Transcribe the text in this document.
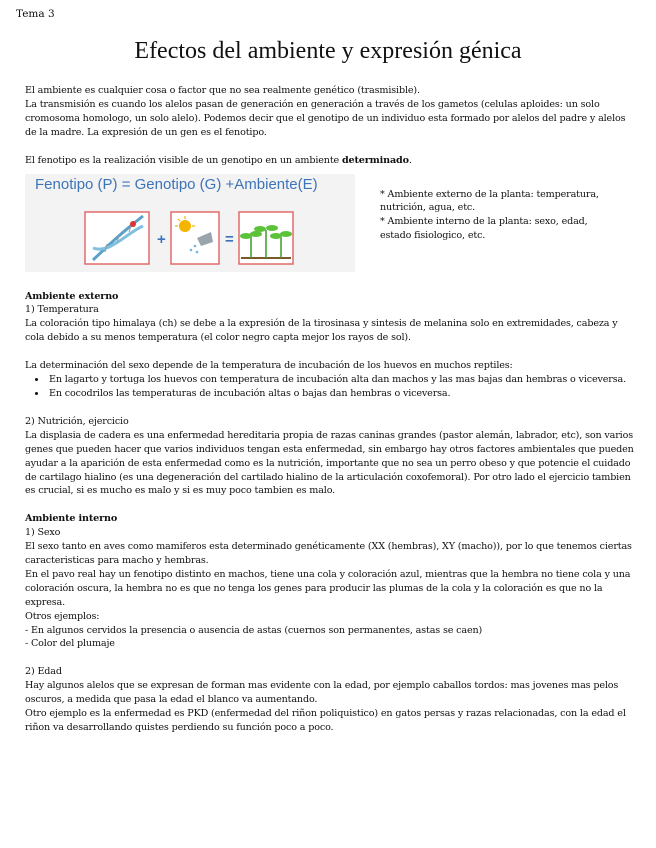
Tema 3
Efectos del ambiente y expresión génica

El ambiente es cualquier cosa o factor que no sea realmente genético (trasmisible).

La transmisión es cuando los alelos pasan de generación en generación a través de los gametos (celulas aploides: un solo cromosoma homologo, un solo alelo). Podemos decir que el genotipo de un individuo esta formado por alelos del padre y alelos de la madre. La expresión de un gen es el fenotipo.

El fenotipo es la realización visible de un genotipo en un ambiente determinado.

+	=
Fenotipo (P) = Genotipo (G) +Ambiente(E)

* Ambiente externo de la planta: temperatura, nutrición, agua, etc.

* Ambiente interno de la planta: sexo, edad, estado fisiologico, etc.

Ambiente externo

1) Temperatura

La coloración tipo himalaya (ch) se debe a la expresión de la tirosinasa y sintesis de melanina solo en extremidades, cabeza y cola debido a su menos temperatura (el color negro capta mejor los rayos de sol).

La determinación del sexo depende de la temperatura de incubación de los huevos en muchos reptiles:

• En lagarto y tortuga los huevos con temperatura de incubación alta dan machos y las mas bajas dan hembras o viceversa.
• En cocodrilos las temperaturas de incubación altas o bajas dan hembras o viceversa.

2) Nutrición, ejercicio

La displasia de cadera es una enfermedad hereditaria propia de razas caninas grandes (pastor alemán, labrador, etc), son varios genes que pueden hacer que varios individuos tengan esta enfermedad, sin embargo hay otros factores ambientales que pueden ayudar a la aparición de esta enfermedad como es la nutrición, importante que no sea un perro obeso y que potencie el cuidado de cartilago hialino (es una degeneración del cartilado hialino de la articulación coxofemoral). Por otro lado el ejercicio tambien es crucial, si es mucho es malo y si es muy poco tambien es malo.

Ambiente interno

1) Sexo

El sexo tanto en aves como mamiferos esta determinado genéticamente (XX (hembras), XY (macho)), por lo que tenemos ciertas caracteristicas para macho y hembras.

En el pavo real hay un fenotipo distinto en machos, tiene una cola y coloración azul, mientras que la hembra no tiene cola y una coloración oscura, la hembra no es que no tenga los genes para producir las plumas de la cola y la coloración es que no la expresa.

Otros ejemplos:

- En algunos cervidos la presencia o ausencia de astas (cuernos son permanentes, astas se caen)

- Color del plumaje

2) Edad

Hay algunos alelos que se expresan de forman mas evidente con la edad, por ejemplo caballos tordos: mas jovenes mas pelos oscuros, a medida que pasa la edad el blanco va aumentando.

Otro ejemplo es la enfermedad es PKD (enfermedad del riñon poliquistico) en gatos persas y razas relacionadas, con la edad el riñon va desarrollando quistes perdiendo su función poco a poco.
